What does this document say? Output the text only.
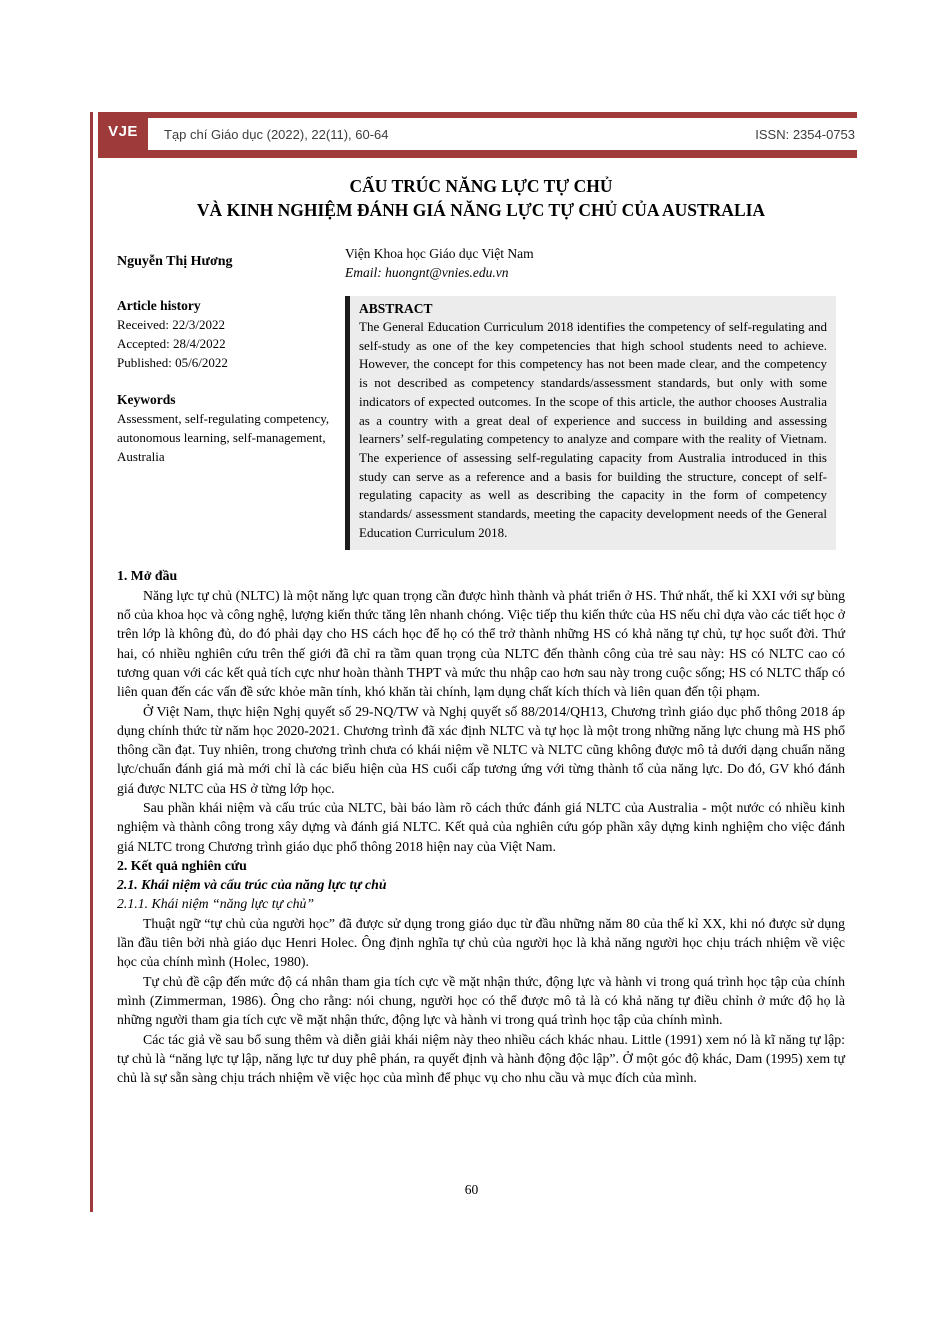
VJE Tạp chí Giáo dục (2022), 22(11), 60-64	ISSN: 2354-0753
CẤU TRÚC NĂNG LỰC TỰ CHỦ
VÀ KINH NGHIỆM ĐÁNH GIÁ NĂNG LỰC TỰ CHỦ CỦA AUSTRALIA
Nguyễn Thị Hương
Viện Khoa học Giáo dục Việt Nam
Email: huongnt@vnies.edu.vn
Article history
Received: 22/3/2022
Accepted: 28/4/2022
Published: 05/6/2022
Keywords
Assessment, self-regulating competency, autonomous learning, self-management, Australia
ABSTRACT
The General Education Curriculum 2018 identifies the competency of self-regulating and self-study as one of the key competencies that high school students need to achieve. However, the concept for this competency has not been made clear, and the competency is not described as competency standards/assessment standards, but only with some indicators of expected outcomes. In the scope of this article, the author chooses Australia as a country with a great deal of experience and success in building and assessing learners’ self-regulating competency to analyze and compare with the reality of Vietnam. The experience of assessing self-regulating capacity from Australia introduced in this study can serve as a reference and a basis for building the structure, concept of self-regulating capacity as well as describing the capacity in the form of competency standards/ assessment standards, meeting the capacity development needs of the General Education Curriculum 2018.
1. Mở đầu
Năng lực tự chủ (NLTC) là một năng lực quan trọng cần được hình thành và phát triển ở HS. Thứ nhất, thế kỉ XXI với sự bùng nổ của khoa học và công nghệ, lượng kiến thức tăng lên nhanh chóng. Việc tiếp thu kiến thức của HS nếu chỉ dựa vào các tiết học ở trên lớp là không đủ, do đó phải dạy cho HS cách học để họ có thể trở thành những HS có khả năng tự chủ, tự học suốt đời. Thứ hai, có nhiều nghiên cứu trên thế giới đã chỉ ra tầm quan trọng của NLTC đến thành công của trẻ sau này: HS có NLTC cao có tương quan với các kết quả tích cực như hoàn thành THPT và mức thu nhập cao hơn sau này trong cuộc sống; HS có NLTC thấp có liên quan đến các vấn đề sức khỏe mãn tính, khó khăn tài chính, lạm dụng chất kích thích và liên quan đến tội phạm.
Ở Việt Nam, thực hiện Nghị quyết số 29-NQ/TW và Nghị quyết số 88/2014/QH13, Chương trình giáo dục phổ thông 2018 áp dụng chính thức từ năm học 2020-2021. Chương trình đã xác định NLTC và tự học là một trong những năng lực chung mà HS phổ thông cần đạt. Tuy nhiên, trong chương trình chưa có khái niệm về NLTC và NLTC cũng không được mô tả dưới dạng chuẩn năng lực/chuẩn đánh giá mà mới chỉ là các biểu hiện của HS cuối cấp tương ứng với từng thành tố của năng lực. Do đó, GV khó đánh giá được NLTC của HS ở từng lớp học.
Sau phần khái niệm và cấu trúc của NLTC, bài báo làm rõ cách thức đánh giá NLTC của Australia - một nước có nhiều kinh nghiệm và thành công trong xây dựng và đánh giá NLTC. Kết quả của nghiên cứu góp phần xây dựng kinh nghiệm cho việc đánh giá NLTC trong Chương trình giáo dục phổ thông 2018 hiện nay của Việt Nam.
2. Kết quả nghiên cứu
2.1. Khái niệm và cấu trúc của năng lực tự chủ
2.1.1. Khái niệm “năng lực tự chủ”
Thuật ngữ “tự chủ của người học” đã được sử dụng trong giáo dục từ đầu những năm 80 của thế kỉ XX, khi nó được sử dụng lần đầu tiên bởi nhà giáo dục Henri Holec. Ông định nghĩa tự chủ của người học là khả năng người học chịu trách nhiệm về việc học của chính mình (Holec, 1980).
Tự chủ đề cập đến mức độ cá nhân tham gia tích cực về mặt nhận thức, động lực và hành vi trong quá trình học tập của chính mình (Zimmerman, 1986). Ông cho rằng: nói chung, người học có thể được mô tả là có khả năng tự điều chỉnh ở mức độ họ là những người tham gia tích cực về mặt nhận thức, động lực và hành vi trong quá trình học tập của chính mình.
Các tác giả về sau bổ sung thêm và diễn giải khái niệm này theo nhiều cách khác nhau. Little (1991) xem nó là kĩ năng tự lập: tự chủ là “năng lực tự lập, năng lực tư duy phê phán, ra quyết định và hành động độc lập”. Ở một góc độ khác, Dam (1995) xem tự chủ là sự sẵn sàng chịu trách nhiệm về việc học của mình để phục vụ cho nhu cầu và mục đích của mình.
60
